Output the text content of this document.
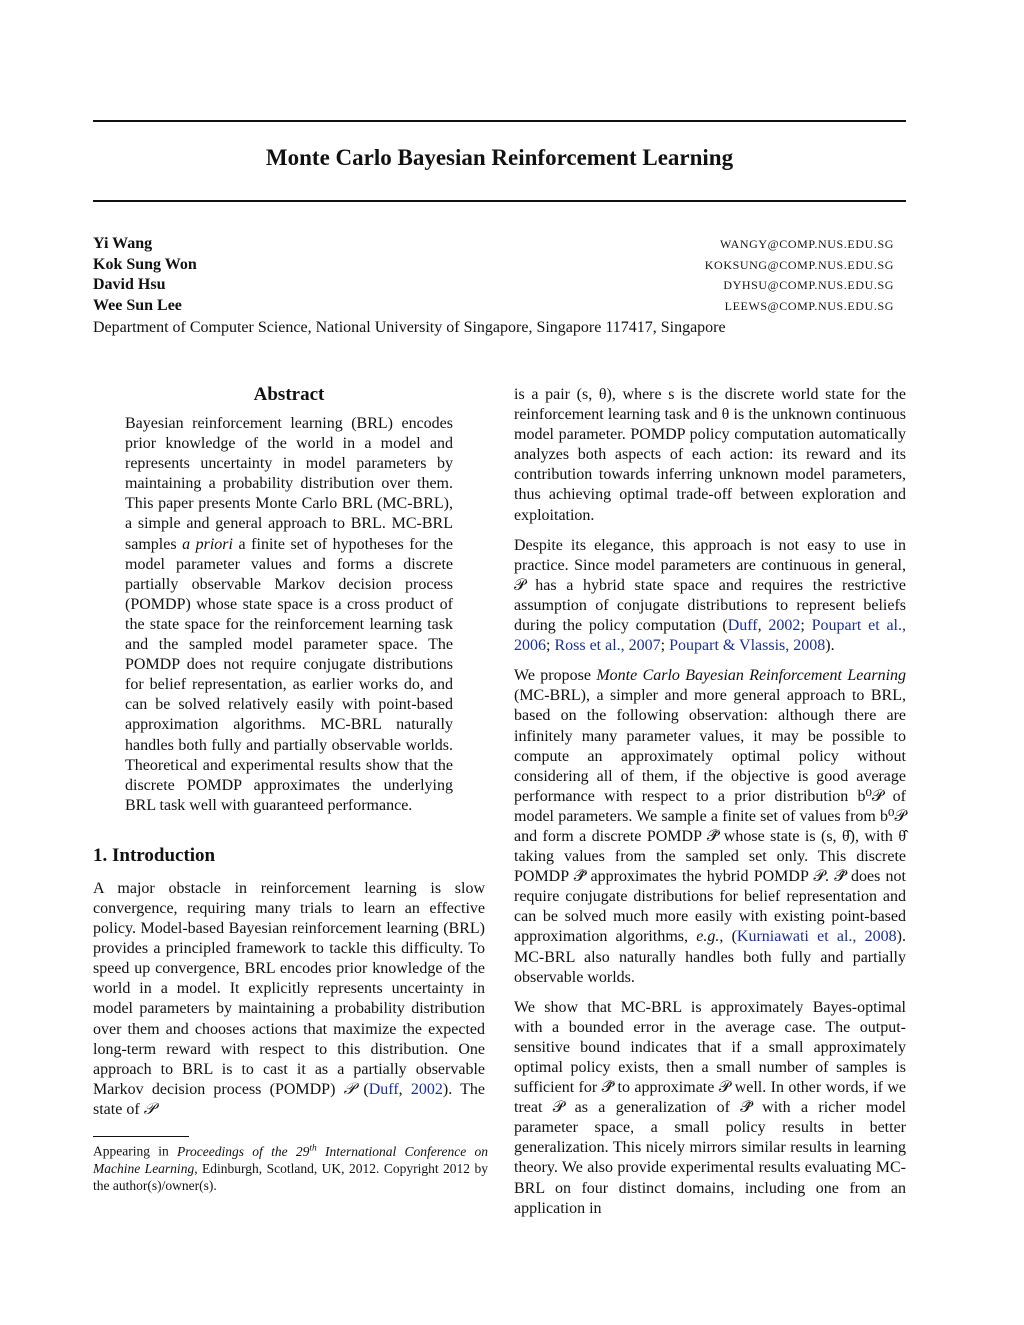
Monte Carlo Bayesian Reinforcement Learning
Yi Wang	WANGY@COMP.NUS.EDU.SG
Kok Sung Won	KOKSUNG@COMP.NUS.EDU.SG
David Hsu	DYHSU@COMP.NUS.EDU.SG
Wee Sun Lee	LEEWS@COMP.NUS.EDU.SG
Department of Computer Science, National University of Singapore, Singapore 117417, Singapore
Abstract
Bayesian reinforcement learning (BRL) encodes prior knowledge of the world in a model and represents uncertainty in model parameters by maintaining a probability distribution over them. This paper presents Monte Carlo BRL (MC-BRL), a simple and general approach to BRL. MC-BRL samples a priori a finite set of hypotheses for the model parameter values and forms a discrete partially observable Markov decision process (POMDP) whose state space is a cross product of the state space for the reinforcement learning task and the sampled model parameter space. The POMDP does not require conjugate distributions for belief representation, as earlier works do, and can be solved relatively easily with point-based approximation algorithms. MC-BRL naturally handles both fully and partially observable worlds. Theoretical and experimental results show that the discrete POMDP approximates the underlying BRL task well with guaranteed performance.
1. Introduction

A major obstacle in reinforcement learning is slow convergence, requiring many trials to learn an effective policy. Model-based Bayesian reinforcement learning (BRL) provides a principled framework to tackle this difficulty. To speed up convergence, BRL encodes prior knowledge of the world in a model. It explicitly represents uncertainty in model parameters by maintaining a probability distribution over them and chooses actions that maximize the expected long-term reward with respect to this distribution. One approach to BRL is to cast it as a partially observable Markov decision process (POMDP) 𝒫 (Duff, 2002). The state of 𝒫

Appearing in Proceedings of the 29th International Conference on Machine Learning, Edinburgh, Scotland, UK, 2012. Copyright 2012 by the author(s)/owner(s).

is a pair (s, θ), where s is the discrete world state for the reinforcement learning task and θ is the unknown continuous model parameter. POMDP policy computation automatically analyzes both aspects of each action: its reward and its contribution towards inferring unknown model parameters, thus achieving optimal trade-off between exploration and exploitation.

Despite its elegance, this approach is not easy to use in practice. Since model parameters are continuous in general, 𝒫 has a hybrid state space and requires the restrictive assumption of conjugate distributions to represent beliefs during the policy computation (Duff, 2002; Poupart et al., 2006; Ross et al., 2007; Poupart & Vlassis, 2008).

We propose Monte Carlo Bayesian Reinforcement Learning (MC-BRL), a simpler and more general approach to BRL, based on the following observation: although there are infinitely many parameter values, it may be possible to compute an approximately optimal policy without considering all of them, if the objective is good average performance with respect to a prior distribution b⁰𝒫 of model parameters. We sample a finite set of values from b⁰𝒫 and form a discrete POMDP 𝒫̂ whose state is (s, θ̂), with θ̂ taking values from the sampled set only. This discrete POMDP 𝒫̂ approximates the hybrid POMDP 𝒫. 𝒫̂ does not require conjugate distributions for belief representation and can be solved much more easily with existing point-based approximation algorithms, e.g., (Kurniawati et al., 2008). MC-BRL also naturally handles both fully and partially observable worlds.

We show that MC-BRL is approximately Bayes-optimal with a bounded error in the average case. The output-sensitive bound indicates that if a small approximately optimal policy exists, then a small number of samples is sufficient for 𝒫̂ to approximate 𝒫 well. In other words, if we treat 𝒫 as a generalization of 𝒫̂ with a richer model parameter space, a small policy results in better generalization. This nicely mirrors similar results in learning theory. We also provide experimental results evaluating MC-BRL on four distinct domains, including one from an application in
